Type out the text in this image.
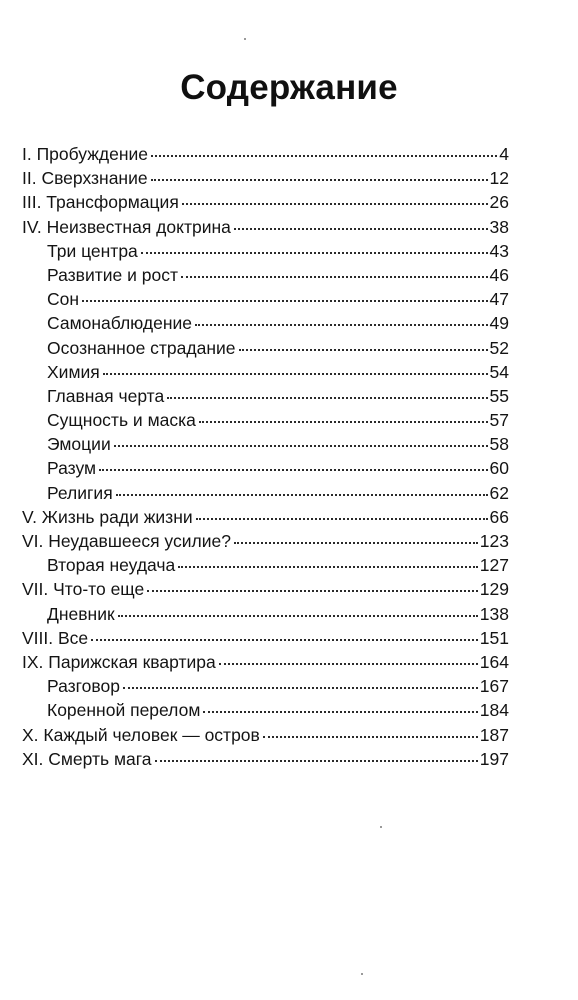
Содержание
I. Пробуждение	4
II. Сверхзнание	12
III. Трансформация	26
IV. Неизвестная доктрина	38
Три центра	43
Развитие и рост	46
Сон	47
Самонаблюдение	49
Осознанное страдание	52
Химия	54
Главная черта	55
Сущность и маска	57
Эмоции	58
Разум	60
Религия	62
V. Жизнь ради жизни	66
VI. Неудавшееся усилие?	123
Вторая неудача	127
VII. Что-то еще	129
Дневник	138
VIII. Все	151
IX. Парижская квартира	164
Разговор	167
Коренной перелом	184
X. Каждый человек — остров	187
XI. Смерть мага	197
